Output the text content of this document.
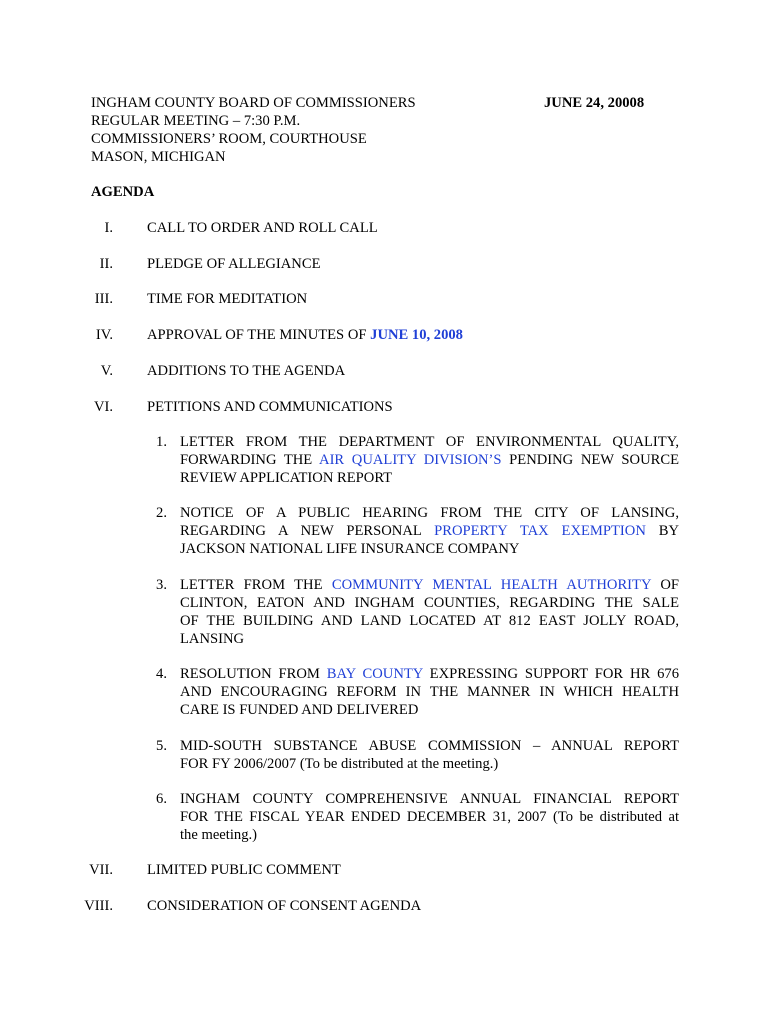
INGHAM COUNTY BOARD OF COMMISSIONERS
REGULAR MEETING – 7:30 P.M.
COMMISSIONERS’ ROOM, COURTHOUSE
MASON, MICHIGAN
JUNE 24, 20008
AGENDA
I. CALL TO ORDER AND ROLL CALL
II. PLEDGE OF ALLEGIANCE
III. TIME FOR MEDITATION
IV. APPROVAL OF THE MINUTES OF JUNE 10, 2008
V. ADDITIONS TO THE AGENDA
VI. PETITIONS AND COMMUNICATIONS
1. LETTER FROM THE DEPARTMENT OF ENVIRONMENTAL QUALITY,
FORWARDING THE AIR QUALITY DIVISION’S PENDING NEW SOURCE
REVIEW APPLICATION REPORT
2. NOTICE OF A PUBLIC HEARING FROM THE CITY OF LANSING,
REGARDING A NEW PERSONAL PROPERTY TAX EXEMPTION BY
JACKSON NATIONAL LIFE INSURANCE COMPANY
3. LETTER FROM THE COMMUNITY MENTAL HEALTH AUTHORITY OF
CLINTON, EATON AND INGHAM COUNTIES, REGARDING THE SALE
OF THE BUILDING AND LAND LOCATED AT 812 EAST JOLLY ROAD,
LANSING
4. RESOLUTION FROM BAY COUNTY EXPRESSING SUPPORT FOR HR 676
AND ENCOURAGING REFORM IN THE MANNER IN WHICH HEALTH
CARE IS FUNDED AND DELIVERED
5. MID-SOUTH SUBSTANCE ABUSE COMMISSION – ANNUAL REPORT
FOR FY 2006/2007 (To be distributed at the meeting.)
6. INGHAM COUNTY COMPREHENSIVE ANNUAL FINANCIAL REPORT
FOR THE FISCAL YEAR ENDED DECEMBER 31, 2007 (To be distributed at
the meeting.)
VII. LIMITED PUBLIC COMMENT
VIII. CONSIDERATION OF CONSENT AGENDA
